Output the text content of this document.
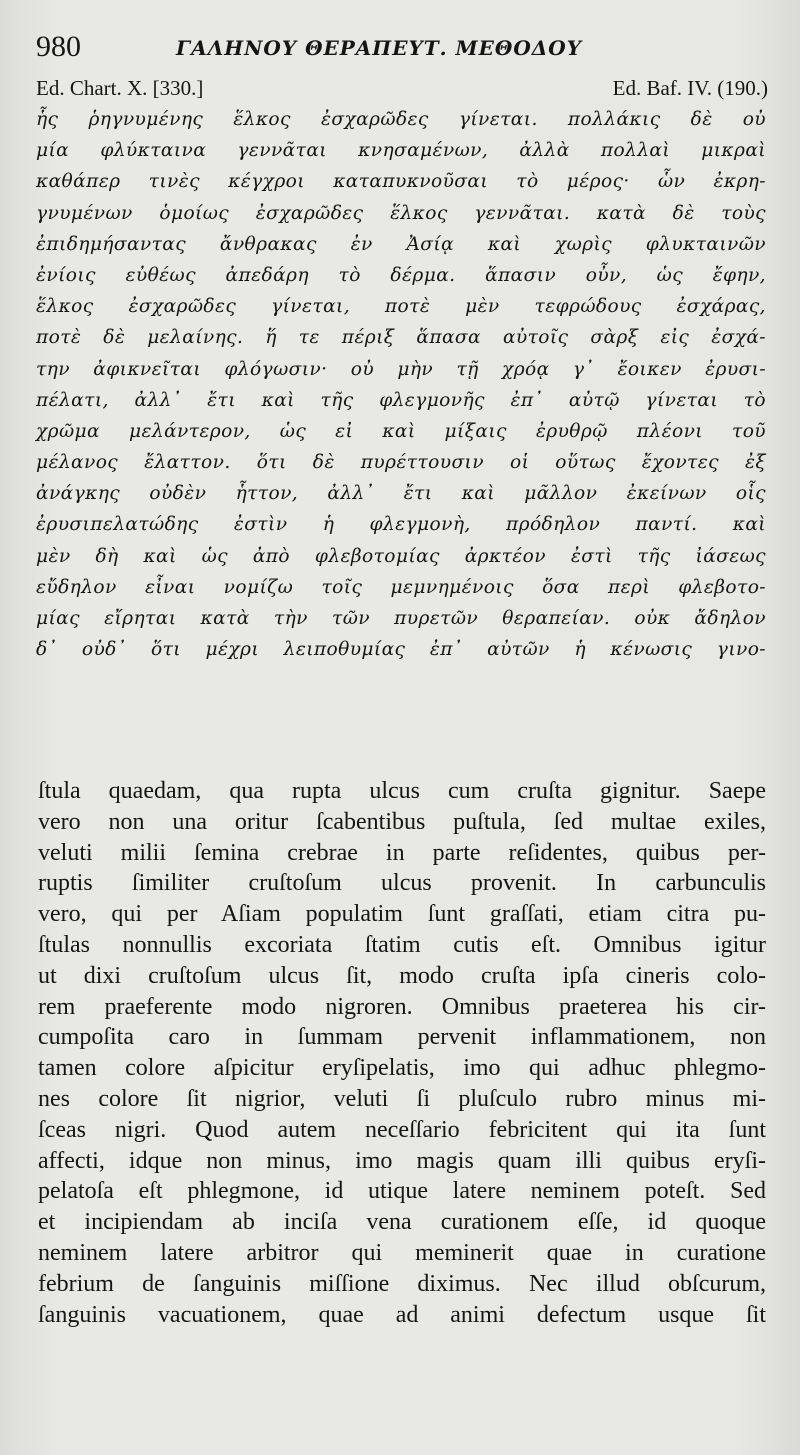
980	ΓΑΛΗΝΟΥ ΘΕΡΑΠΕΥΤ. ΜΕΘΟΔΟΥ
Ed. Chart. X. [330.]	Ed. Baf. IV. (190.)
ἧς ῥηγνυμένης ἕλκος ἐσχαρῶδες γίνεται. πολλάκις δὲ οὐ
μία φλύκταινα γεννᾶται κνησαμένων, ἀλλὰ πολλαὶ μικραὶ
καθάπερ τινὲς κέγχροι καταπυκνοῦσαι τὸ μέρος· ὧν ἐκρη-
γνυμένων ὁμοίως ἐσχαρῶδες ἕλκος γεννᾶται. κατὰ δὲ τοὺς
ἐπιδημήσαντας ἄνθρακας ἐν Ἀσίᾳ καὶ χωρὶς φλυκταινῶν
ἐνίοις εὐθέως ἀπεδάρη τὸ δέρμα. ἅπασιν οὖν, ὡς ἔφην,
ἕλκος ἐσχαρῶδες γίνεται, ποτὲ μὲν τεφρώδους ἐσχάρας,
ποτὲ δὲ μελαίνης. ἥ τε πέριξ ἅπασα αὐτοῖς σὰρξ εἰς ἐσχά-
την ἀφικνεῖται φλόγωσιν· οὐ μὴν τῇ χρόᾳ γ᾽ ἔοικεν ἐρυσι-
πέλατι, ἀλλ᾽ ἔτι καὶ τῆς φλεγμονῆς ἐπ᾽ αὐτῷ γίνεται τὸ
χρῶμα μελάντερον, ὡς εἰ καὶ μίξαις ἐρυθρῷ πλέονι τοῦ
μέλανος ἔλαττον. ὅτι δὲ πυρέττουσιν οἱ οὕτως ἔχοντες ἐξ
ἀνάγκης οὐδὲν ἧττον, ἀλλ᾽ ἔτι καὶ μᾶλλον ἐκείνων οἷς
ἐρυσιπελατώδης ἐστὶν ἡ φλεγμονὴ, πρόδηλον παντί. καὶ
μὲν δὴ καὶ ὡς ἀπὸ φλεβοτομίας ἀρκτέον ἐστὶ τῆς ἰάσεως
εὔδηλον εἶναι νομίζω τοῖς μεμνημένοις ὅσα περὶ φλεβοτο-
μίας εἴρηται κατὰ τὴν τῶν πυρετῶν θεραπείαν. οὐκ ἄδηλον
δ᾽ οὐδ᾽ ὅτι μέχρι λειποθυμίας ἐπ᾽ αὐτῶν ἡ κένωσις γινο-
ſtula quaedam, qua rupta ulcus cum cruſta gignitur. Saepe
vero non una oritur ſcabentibus puſtula, ſed multae exiles,
veluti milii ſemina crebrae in parte reſidentes, quibus per-
ruptis ſimiliter cruſtoſum ulcus provenit. In carbunculis
vero, qui per Aſiam populatim ſunt graſſati, etiam citra pu-
ſtulas nonnullis excoriata ſtatim cutis eſt. Omnibus igitur
ut dixi cruſtoſum ulcus ſit, modo cruſta ipſa cineris colo-
rem praeferente modo nigroren. Omnibus praeterea his cir-
cumpoſita caro in ſummam pervenit inflammationem, non
tamen colore aſpicitur eryſipelatis, imo qui adhuc phlegmo-
nes colore ſit nigrior, veluti ſi pluſculo rubro minus mi-
ſceas nigri. Quod autem neceſſario febricitent qui ita ſunt
affecti, idque non minus, imo magis quam illi quibus eryſi-
pelatoſa eſt phlegmone, id utique latere neminem poteſt. Sed
et incipiendam ab inciſa vena curationem eſſe, id quoque
neminem latere arbitror qui meminerit quae in curatione
febrium de ſanguinis miſſione diximus. Nec illud obſcurum,
ſanguinis vacuationem, quae ad animi defectum usque ſit
